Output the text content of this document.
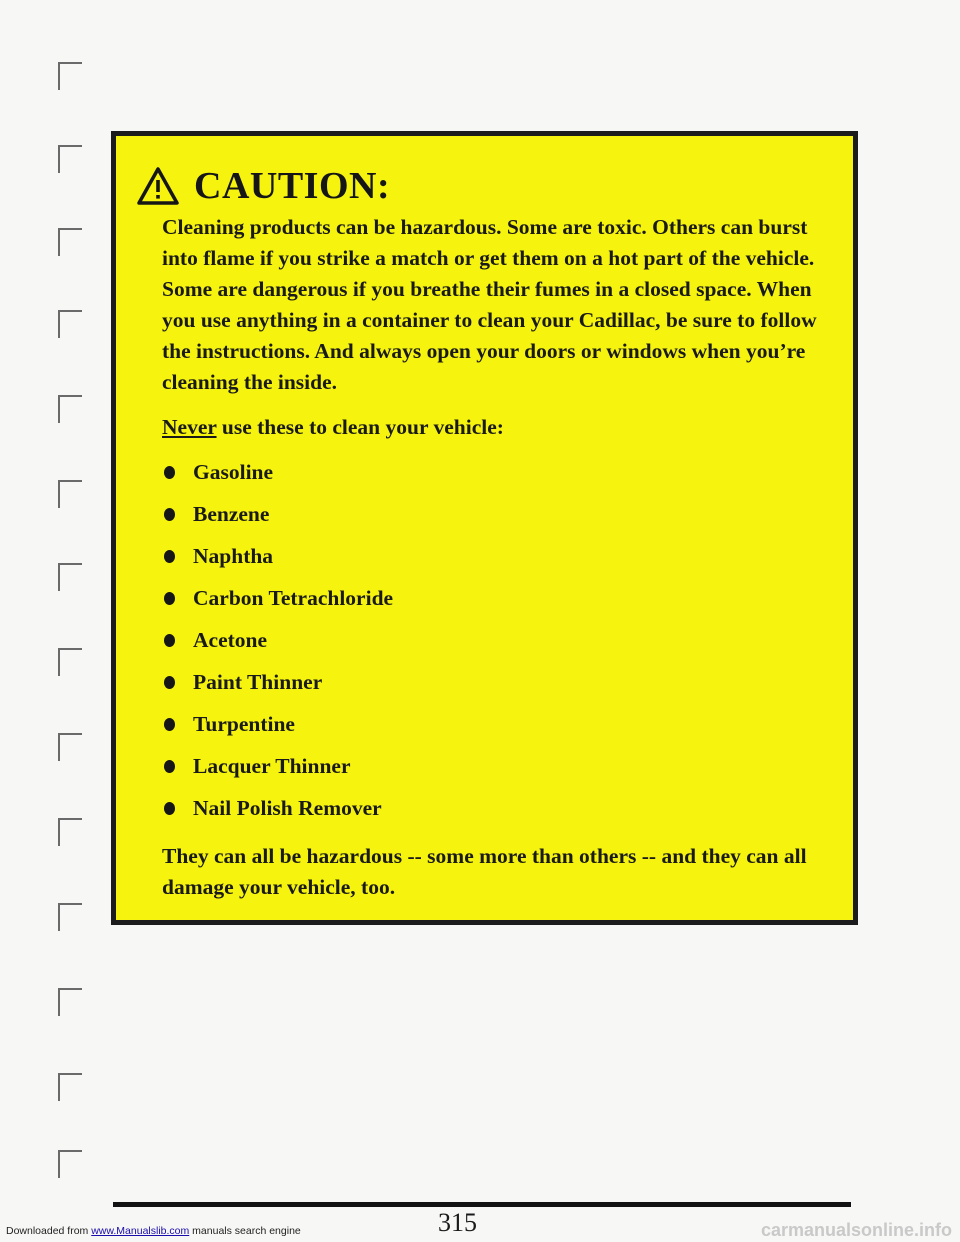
CAUTION:

Cleaning products can be hazardous. Some are toxic. Others can burst into flame if you strike a match or get them on a hot part of the vehicle. Some are dangerous if you breathe their fumes in a closed space. When you use anything in a container to clean your Cadillac, be sure to follow the instructions. And always open your doors or windows when you’re cleaning the inside.

Never use these to clean your vehicle:

Gasoline
Benzene
Naphtha
Carbon Tetrachloride
Acetone
Paint Thinner
Turpentine
Lacquer Thinner
Nail Polish Remover

They can all be hazardous -- some more than others -- and they can all damage your vehicle, too.

315
Downloaded from www.Manualslib.com manuals search engine	carmanualsonline.info
